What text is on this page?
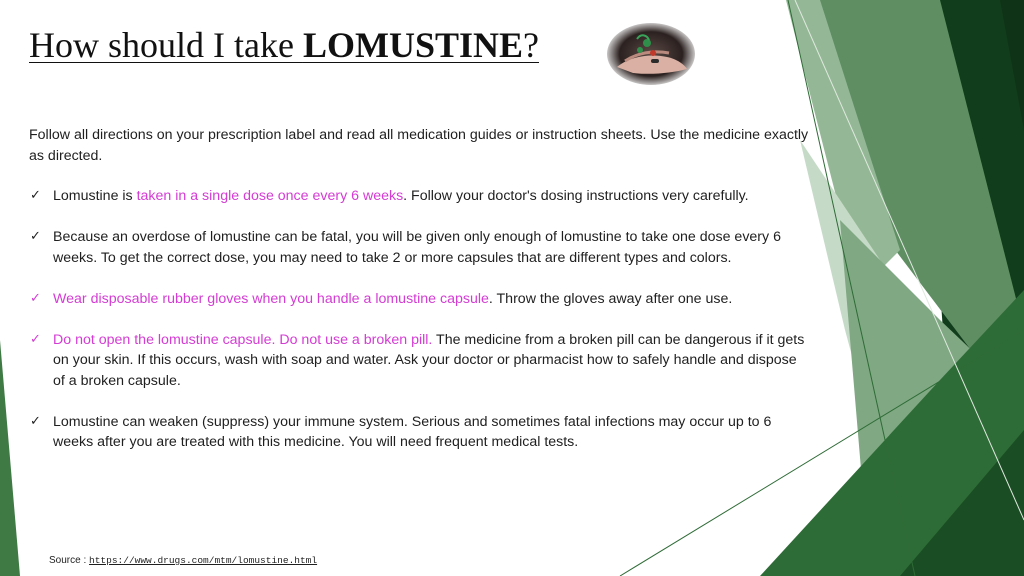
How should I take LOMUSTINE?

Follow all directions on your prescription label and read all medication guides or instruction sheets. Use the medicine exactly as directed.

✓ Lomustine is taken in a single dose once every 6 weeks. Follow your doctor's dosing instructions very carefully.
✓ Because an overdose of lomustine can be fatal, you will be given only enough of lomustine to take one dose every 6 weeks. To get the correct dose, you may need to take 2 or more capsules that are different types and colors.
✓ Wear disposable rubber gloves when you handle a lomustine capsule. Throw the gloves away after one use.
✓ Do not open the lomustine capsule. Do not use a broken pill. The medicine from a broken pill can be dangerous if it gets on your skin. If this occurs, wash with soap and water. Ask your doctor or pharmacist how to safely handle and dispose of a broken capsule.
✓ Lomustine can weaken (suppress) your immune system. Serious and sometimes fatal infections may occur up to 6 weeks after you are treated with this medicine. You will need frequent medical tests.
Source : https://www.drugs.com/mtm/lomustine.html
